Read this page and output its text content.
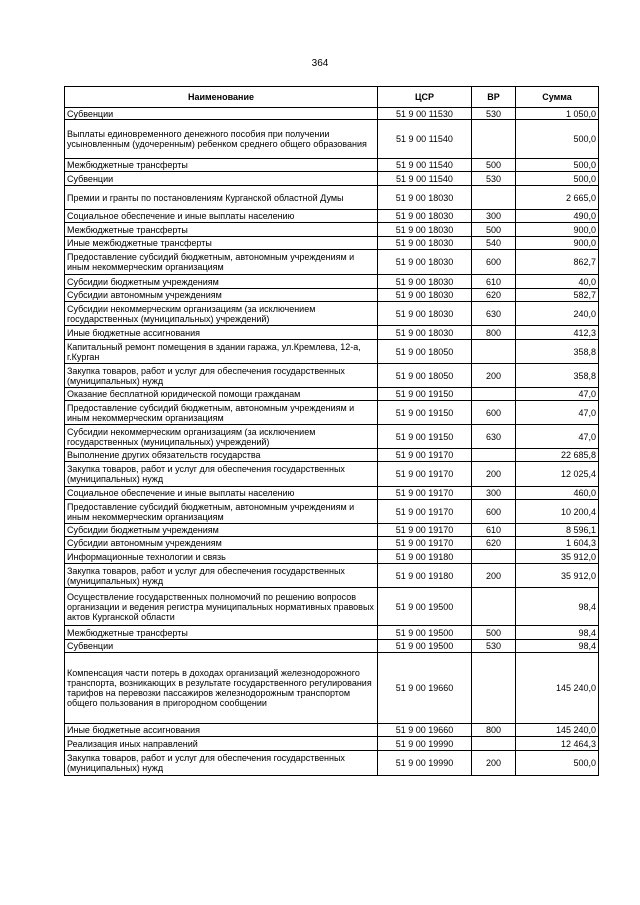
364
Наименование	ЦСР	ВР	Сумма
Субвенции	51 9 00 11530	530	1 050,0
Выплаты единовременного денежного пособия при получении усыновленным (удочеренным) ребенком среднего общего образования	51 9 00 11540		500,0
Межбюджетные трансферты	51 9 00 11540	500	500,0
Субвенции	51 9 00 11540	530	500,0
Премии и гранты по постановлениям Курганской областной Думы	51 9 00 18030		2 665,0
Социальное обеспечение и иные выплаты населению	51 9 00 18030	300	490,0
Межбюджетные трансферты	51 9 00 18030	500	900,0
Иные межбюджетные трансферты	51 9 00 18030	540	900,0
Предоставление субсидий бюджетным, автономным учреждениям и иным некоммерческим организациям	51 9 00 18030	600	862,7
Субсидии бюджетным учреждениям	51 9 00 18030	610	40,0
Субсидии автономным учреждениям	51 9 00 18030	620	582,7
Субсидии некоммерческим организациям (за исключением государственных (муниципальных) учреждений)	51 9 00 18030	630	240,0
Иные бюджетные ассигнования	51 9 00 18030	800	412,3
Капитальный ремонт помещения в здании гаража, ул.Кремлева, 12-а, г.Курган	51 9 00 18050		358,8
Закупка товаров, работ и услуг для обеспечения государственных (муниципальных) нужд	51 9 00 18050	200	358,8
Оказание бесплатной юридической помощи гражданам	51 9 00 19150		47,0
Предоставление субсидий бюджетным, автономным учреждениям и иным некоммерческим организациям	51 9 00 19150	600	47,0
Субсидии некоммерческим организациям (за исключением государственных (муниципальных) учреждений)	51 9 00 19150	630	47,0
Выполнение других обязательств государства	51 9 00 19170		22 685,8
Закупка товаров, работ и услуг для обеспечения государственных (муниципальных) нужд	51 9 00 19170	200	12 025,4
Социальное обеспечение и иные выплаты населению	51 9 00 19170	300	460,0
Предоставление субсидий бюджетным, автономным учреждениям и иным некоммерческим организациям	51 9 00 19170	600	10 200,4
Субсидии бюджетным учреждениям	51 9 00 19170	610	8 596,1
Субсидии автономным учреждениям	51 9 00 19170	620	1 604,3
Информационные технологии и связь	51 9 00 19180		35 912,0
Закупка товаров, работ и услуг для обеспечения государственных (муниципальных) нужд	51 9 00 19180	200	35 912,0
Осуществление государственных полномочий по решению вопросов организации и ведения регистра муниципальных нормативных правовых актов Курганской области	51 9 00 19500		98,4
Межбюджетные трансферты	51 9 00 19500	500	98,4
Субвенции	51 9 00 19500	530	98,4
Компенсация части потерь в доходах организаций железнодорожного транспорта, возникающих в результате государственного регулирования тарифов на перевозки пассажиров железнодорожным транспортом общего пользования в пригородном сообщении	51 9 00 19660		145 240,0
Иные бюджетные ассигнования	51 9 00 19660	800	145 240,0
Реализация иных направлений	51 9 00 19990		12 464,3
Закупка товаров, работ и услуг для обеспечения государственных (муниципальных) нужд	51 9 00 19990	200	500,0
